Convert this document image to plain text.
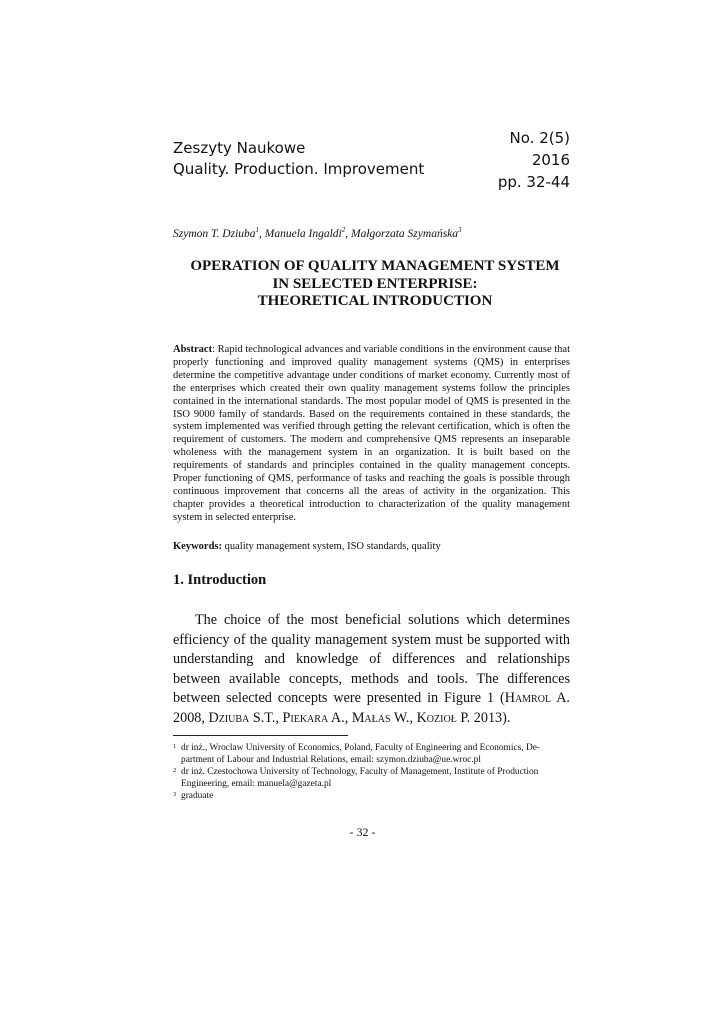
Zeszyty Naukowe
Quality. Production. Improvement
No. 2(5)
2016
pp. 32-44
Szymon T. Dziuba$^1$, Manuela Ingaldi$^2$, Małgorzata Szymańska$^3$
OPERATION OF QUALITY MANAGEMENT SYSTEM
IN SELECTED ENTERPRISE:
THEORETICAL INTRODUCTION
Abstract: Rapid technological advances and variable conditions in the environment cause that properly functioning and improved quality management systems (QMS) in enterprises determine the competitive advantage under conditions of market economy. Currently most of the enterprises which created their own quality management systems follow the principles contained in the international standards. The most popular model of QMS is presented in the ISO 9000 family of standards. Based on the requirements contained in these standards, the system implemented was verified through getting the relevant certification, which is often the requirement of customers. The modern and comprehensive QMS represents an inseparable wholeness with the management system in an organization. It is built based on the requirements of standards and principles contained in the quality management concepts. Proper functioning of QMS, performance of tasks and reaching the goals is possible through continuous improvement that concerns all the areas of activity in the organization. This chapter provides a theoretical introduction to characterization of the quality management system in selected enterprise.
Keywords: quality management system, ISO standards, quality
1. Introduction
The choice of the most beneficial solutions which determines efficiency of the quality management system must be supported with understanding and knowledge of differences and relationships between available concepts, methods and tools. The differences between selected concepts were presented in Figure 1 (Hamrol A. 2008, Dziuba S.T., Piekara A., Małas W., Kozioł P. 2013).
1 dr inż., Wroclaw University of Economics, Poland, Faculty of Engineering and Economics, De-
partment of Labour and Industrial Relations, email: szymon.dziuba@ue.wroc.pl
2 dr inż. Czestochowa University of Technology, Faculty of Management, Institute of Production
Engineering, email: manuela@gazeta.pl
3 graduate
- 32 -
